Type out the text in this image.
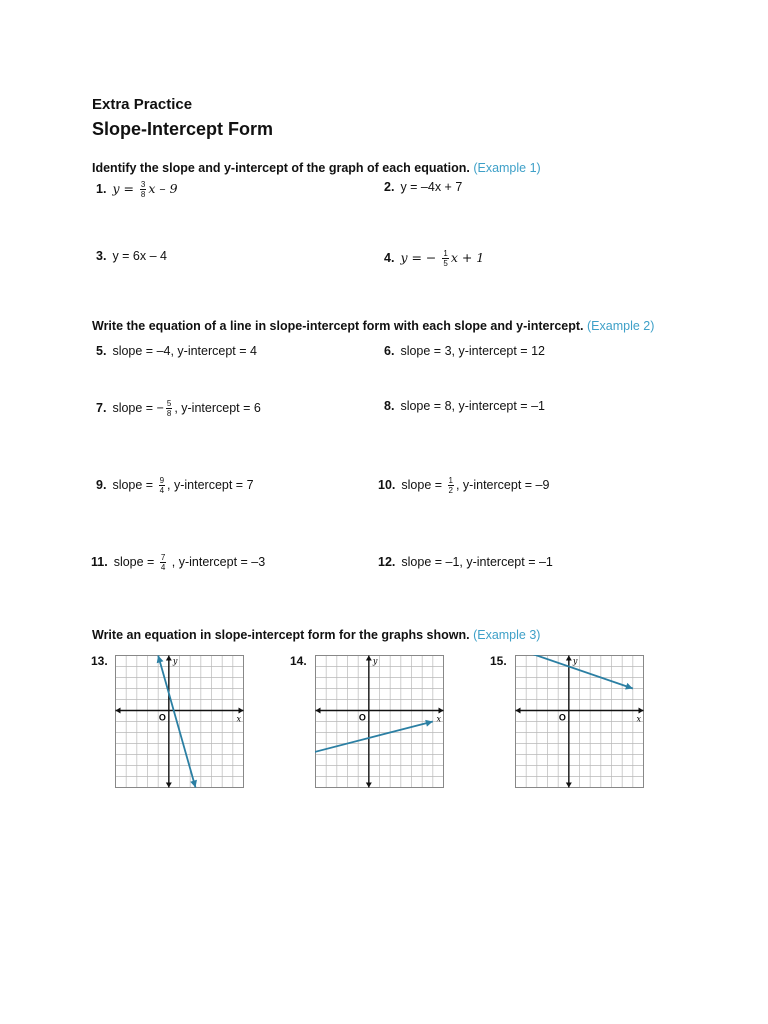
Extra Practice
Slope-Intercept Form
Identify the slope and y-intercept of the graph of each equation. (Example 1)
1. $y = \frac{3}{8}$ x – 9	2. y = –4x + 7
3. y = 6x – 4	4. y = − $\frac{1}{5}$ x + 1
Write the equation of a line in slope-intercept form with each slope and y-intercept. (Example 2)
5. slope = –4, y-intercept = 4	6. slope = 3, y-intercept = 12
7. slope = − $\frac{5}{8}$ , y-intercept = 6	8. slope = 8, y-intercept = –1
9. slope = $\frac{9}{4}$ , y-intercept = 7	10. slope = $\frac{1}{2}$ , y-intercept = –9
11. slope = $\frac{7}{4}$ , y-intercept = –3	12. slope = –1, y-intercept = –1
Write an equation in slope-intercept form for the graphs shown. (Example 3)
13.	14.	15.
x
y
O	x
y
O	x
y
O
